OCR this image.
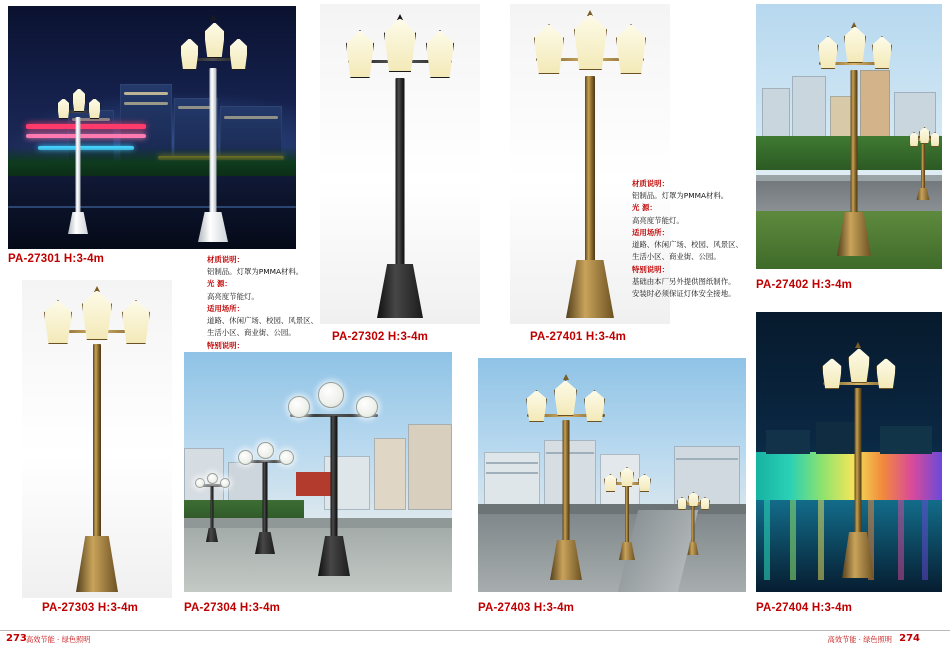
PA-27301 H:3-4m	材质说明：
铝制品。灯罩为PMMA材料。
光 源：
高亮度节能灯。
适用场所：
道路、休闲广场、校园、风景区、
生活小区、商业街、公园。
特别说明：
PA-27302 H:3-4m	PA-27401 H:3-4m
材质说明：
铝制品。灯罩为PMMA材料。
光 源：
高亮度节能灯。
适用场所：
道路、休闲广场、校园、风景区、
生活小区、商业街、公园。
特别说明：
基础由本厂另外提供图纸制作。
安装时必须保证灯体安全接地。
PA-27402 H:3-4m
PA-27303 H:3-4m	PA-27304 H:3-4m	PA-27403 H:3-4m	PA-27404 H:3-4m
273 高效节能 · 绿色照明	高效节能 · 绿色照明 274
